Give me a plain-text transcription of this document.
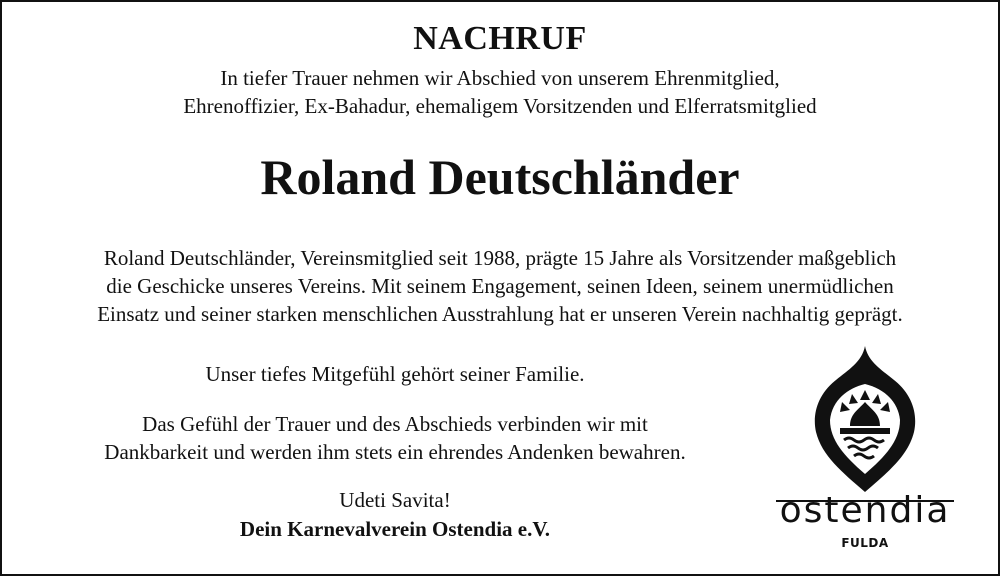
NACHRUF
In tiefer Trauer nehmen wir Abschied von unserem Ehrenmitglied,
Ehrenoffizier, Ex-Bahadur, ehemaligem Vorsitzenden und Elferratsmitglied
Roland Deutschländer
Roland Deutschländer, Vereinsmitglied seit 1988, prägte 15 Jahre als Vorsitzender maßgeblich
die Geschicke unseres Vereins. Mit seinem Engagement, seinen Ideen, seinem unermüdlichen
Einsatz und seiner starken menschlichen Ausstrahlung hat er unseren Verein nachhaltig geprägt.
Unser tiefes Mitgefühl gehört seiner Familie.
Das Gefühl der Trauer und des Abschieds verbinden wir mit
Dankbarkeit und werden ihm stets ein ehrendes Andenken bewahren.
Udeti Savita!
Dein Karnevalverein Ostendia e.V.	ostendia
FULDA
